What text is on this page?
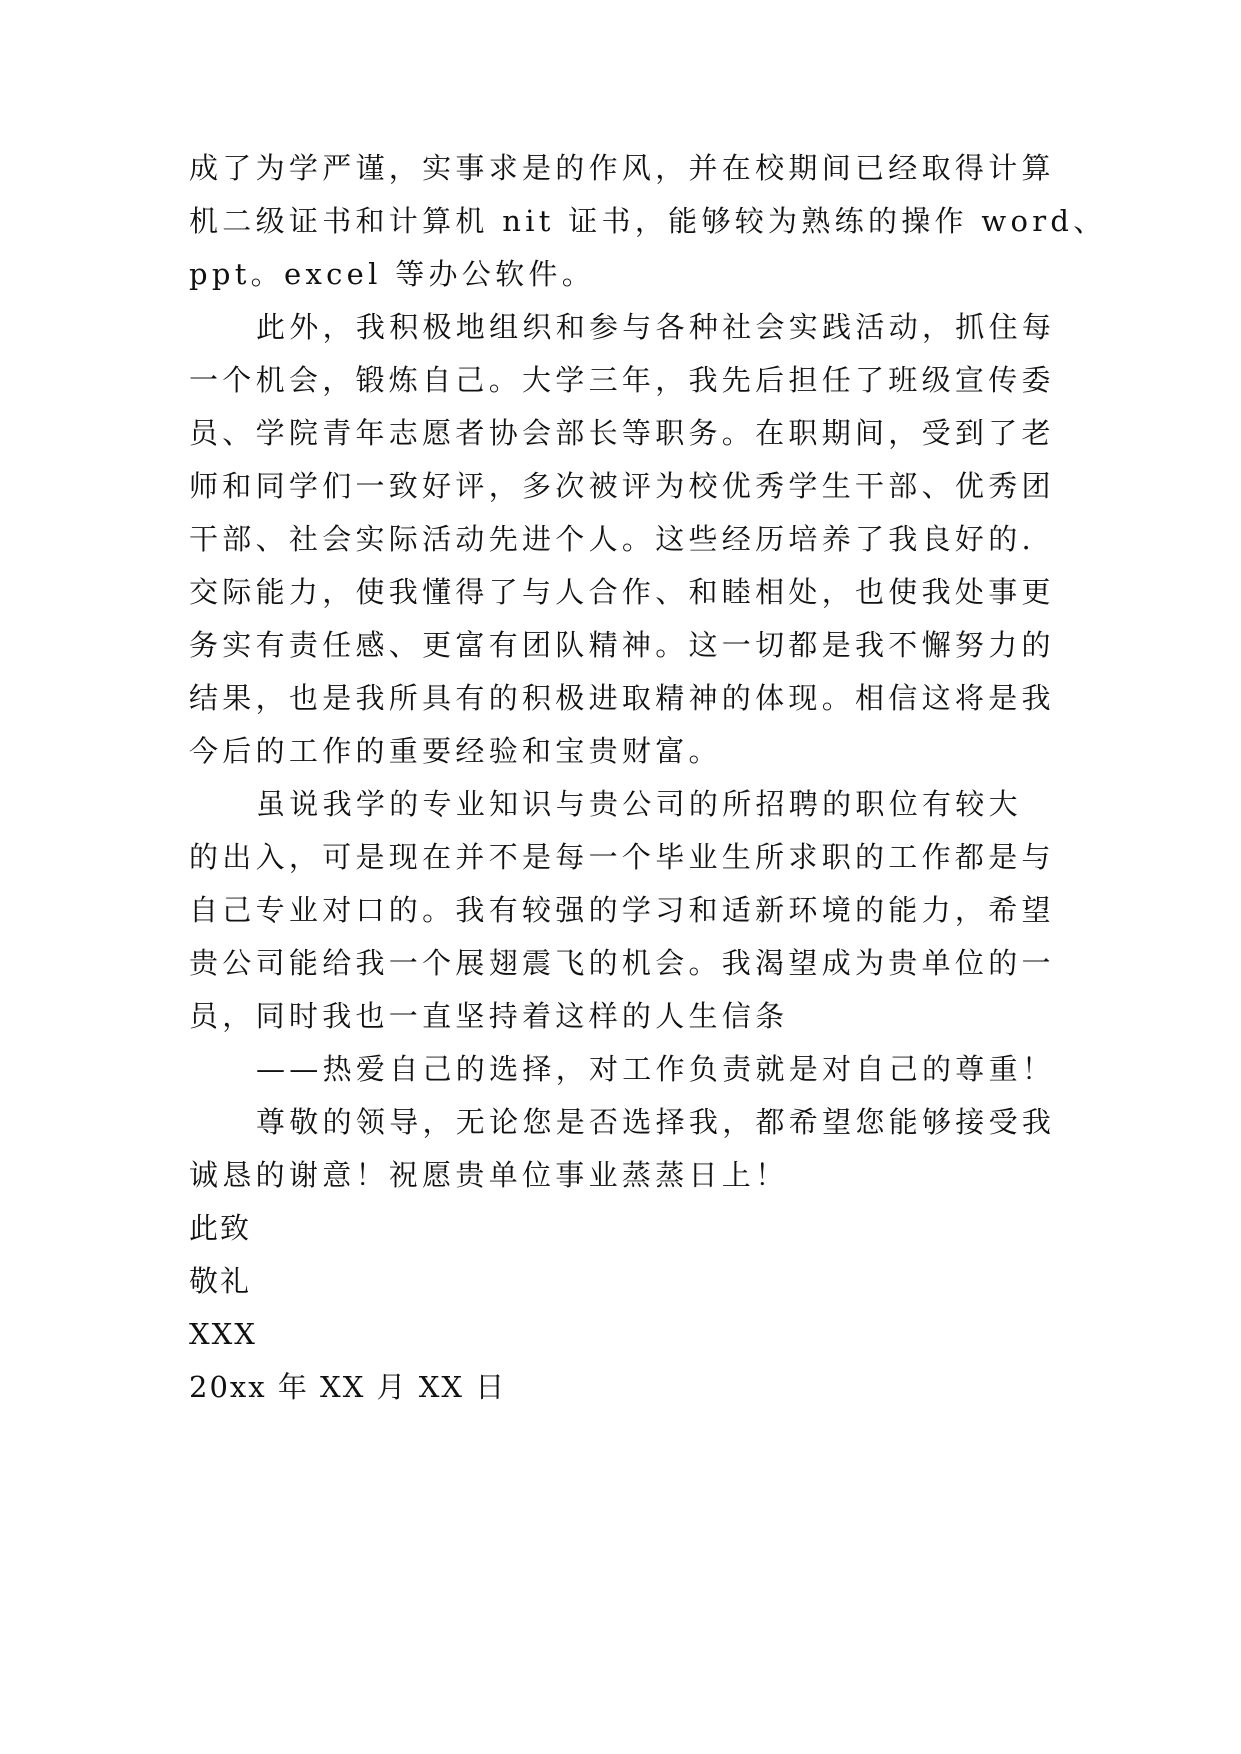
成了为学严谨，实事求是的作风，并在校期间已经取得计算
机二级证书和计算机 nit 证书，能够较为熟练的操作 word、
ppt。excel 等办公软件。
此外，我积极地组织和参与各种社会实践活动，抓住每
一个机会，锻炼自己。大学三年，我先后担任了班级宣传委
员、学院青年志愿者协会部长等职务。在职期间，受到了老
师和同学们一致好评，多次被评为校优秀学生干部、优秀团
干部、社会实际活动先进个人。这些经历培养了我良好的.
交际能力，使我懂得了与人合作、和睦相处，也使我处事更
务实有责任感、更富有团队精神。这一切都是我不懈努力的
结果，也是我所具有的积极进取精神的体现。相信这将是我
今后的工作的重要经验和宝贵财富。
虽说我学的专业知识与贵公司的所招聘的职位有较大
的出入，可是现在并不是每一个毕业生所求职的工作都是与
自己专业对口的。我有较强的学习和适新环境的能力，希望
贵公司能给我一个展翅震飞的机会。我渴望成为贵单位的一
员，同时我也一直坚持着这样的人生信条
——热爱自己的选择，对工作负责就是对自己的尊重！
尊敬的领导，无论您是否选择我，都希望您能够接受我
诚恳的谢意！祝愿贵单位事业蒸蒸日上！
此致
敬礼
XXX
20xx 年 XX 月 XX 日
